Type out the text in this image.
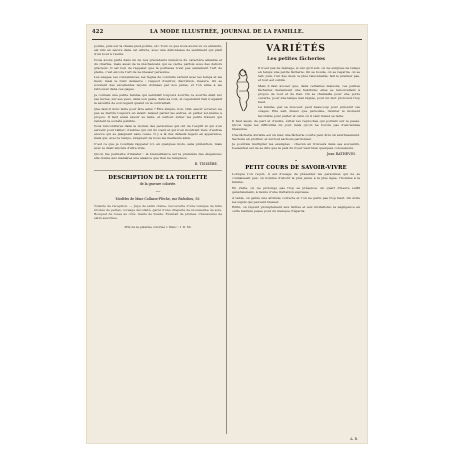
422	LA MODE ILLUSTRÉE, JOURNAL DE LA FAMILLE.

pointe, puis sur la chaise pied-pointe, etc. Tout ce que nous avons vu ou entendu, est mis en œuvre dans cet article, avec une délicatesse de sentiment qui plaît d’un bout à l’autre.

Nous avons parlé dans un de nos précédents numéros du caractère aimable et du charme, mais aussi de la méchanceté qui se cache parfois sous des dehors gracieux. Il est bon de rappeler que la politesse n’est pas seulement l’art de plaire, c’est encore l’art de ne blesser personne.

Les usages, les convenances, les règles de conduite varient avec les temps et les lieux; mais le fond demeure : respect d’autrui, discrétion, mesure. On se souvient des excellentes leçons données par nos pères, et l’on aime à les retrouver dans ces pages.

Je connais une petite femme qui semblait toujours sourire; le sourire était sur ses lèvres, sur ses yeux, dans son geste, dans sa voix, et cependant rien n’égalait la sévérité de son regard quand on la contrariait.

Que faut-il donc faire pour être aimé ? Être simple, bon, vrai; savoir écouter; ne pas se mettre toujours en avant; laisser parler les autres, et parler soi-même à propos. Il faut aussi savoir se taire, et surtout éviter les petits travers qui rendent la société pénible.

Vous rencontrerez dans le monde des personnes qui ont de l’esprit et qui s’en servent pour railler; d’autres qui ont du cœur et qui n’en montrent rien; d’autres encore qui se plaignent sans cesse. Il y a là des défauts légers en apparence, mais qui, avec le temps, éloignent de nous les meilleurs amis.

C’est ce que je voudrais rappeler ici, en quelques mots, sans prétention, mais avec le désir sincère d’être utile.

Qu’on me permette d’insister : la bienveillance est la première des élégances; elle donne aux manières une aisance que rien ne remplace.

R. TISSIÈRE.
DESCRIPTION DE LA TOILETTE
de la gravure coloriée.
—
Modèles de Mme Collasse-Flèche, rue Richelieu, 93.

Toilette de réception. — Jupe de satin crème, recouverte d’une tunique de tulle brodée de perles; corsage décolleté, garni d’une draperie de mousseline de soie. Bouquet de roses au côté. Gants de Suède. Éventail de plumes. Chaussures de satin assorties.

Prix de la planche coloriée 1 franc ; 1 fr. 50.
VARIÉTÉS
Les petites fâcheries

Il n’est pas de ménage, si uni qu’il soit, où ne surgisse de temps en temps une petite fâcherie. On se boude, on se regarde, on se tait; puis, l’un des deux, le plus raisonnable, fait le premier pas, et tout est oublié.

Mais il faut avouer que, dans certaines maisons, ces petites fâcheries deviennent une habitude; elles se renouvellent à propos de tout et de rien. On se chamaille pour une porte ouverte, pour une lampe mal réglée, pour un mot prononcé trop haut.

La femme, par sa douceur, peut beaucoup pour prévenir ces orages. Elle sait, mieux que personne, deviner le moment favorable pour parler et celui où il vaut mieux se taire.

Il faut aussi, de part et d’autre, éviter les reproches qui portent sur le passé. Qu’on règle les difficultés du jour, mais qu’on ne rouvre pas d’anciennes blessures.

Une fâcherie durable est un mal; une fâcherie courte peut être un avertissement. Sachons en profiter, et surtout sachons pardonner.

Je pourrais multiplier les exemples : chacun en trouvera dans ses souvenirs. L’essentiel est de se dire que la paix du foyer vaut bien quelques concessions.

Jean RATHEVIN.
•
PETIT COURS DE SAVOIR-VIVRE

Lorsque l’on reçoit, il est d’usage de présenter les personnes qui ne se connaissent pas; on nomme d’abord la plus jeune à la plus âgée, l’homme à la femme.

En visite, on ne prolonge pas trop sa présence; un quart d’heure suffit généralement, à moins d’une invitation expresse.

À table, on garde une attitude correcte et l’on ne parle pas trop haut. On évite les sujets qui peuvent blesser.

Enfin, on répond promptement aux lettres et aux invitations; la négligence en cette matière passe pour un manque d’égards.

A. R.
